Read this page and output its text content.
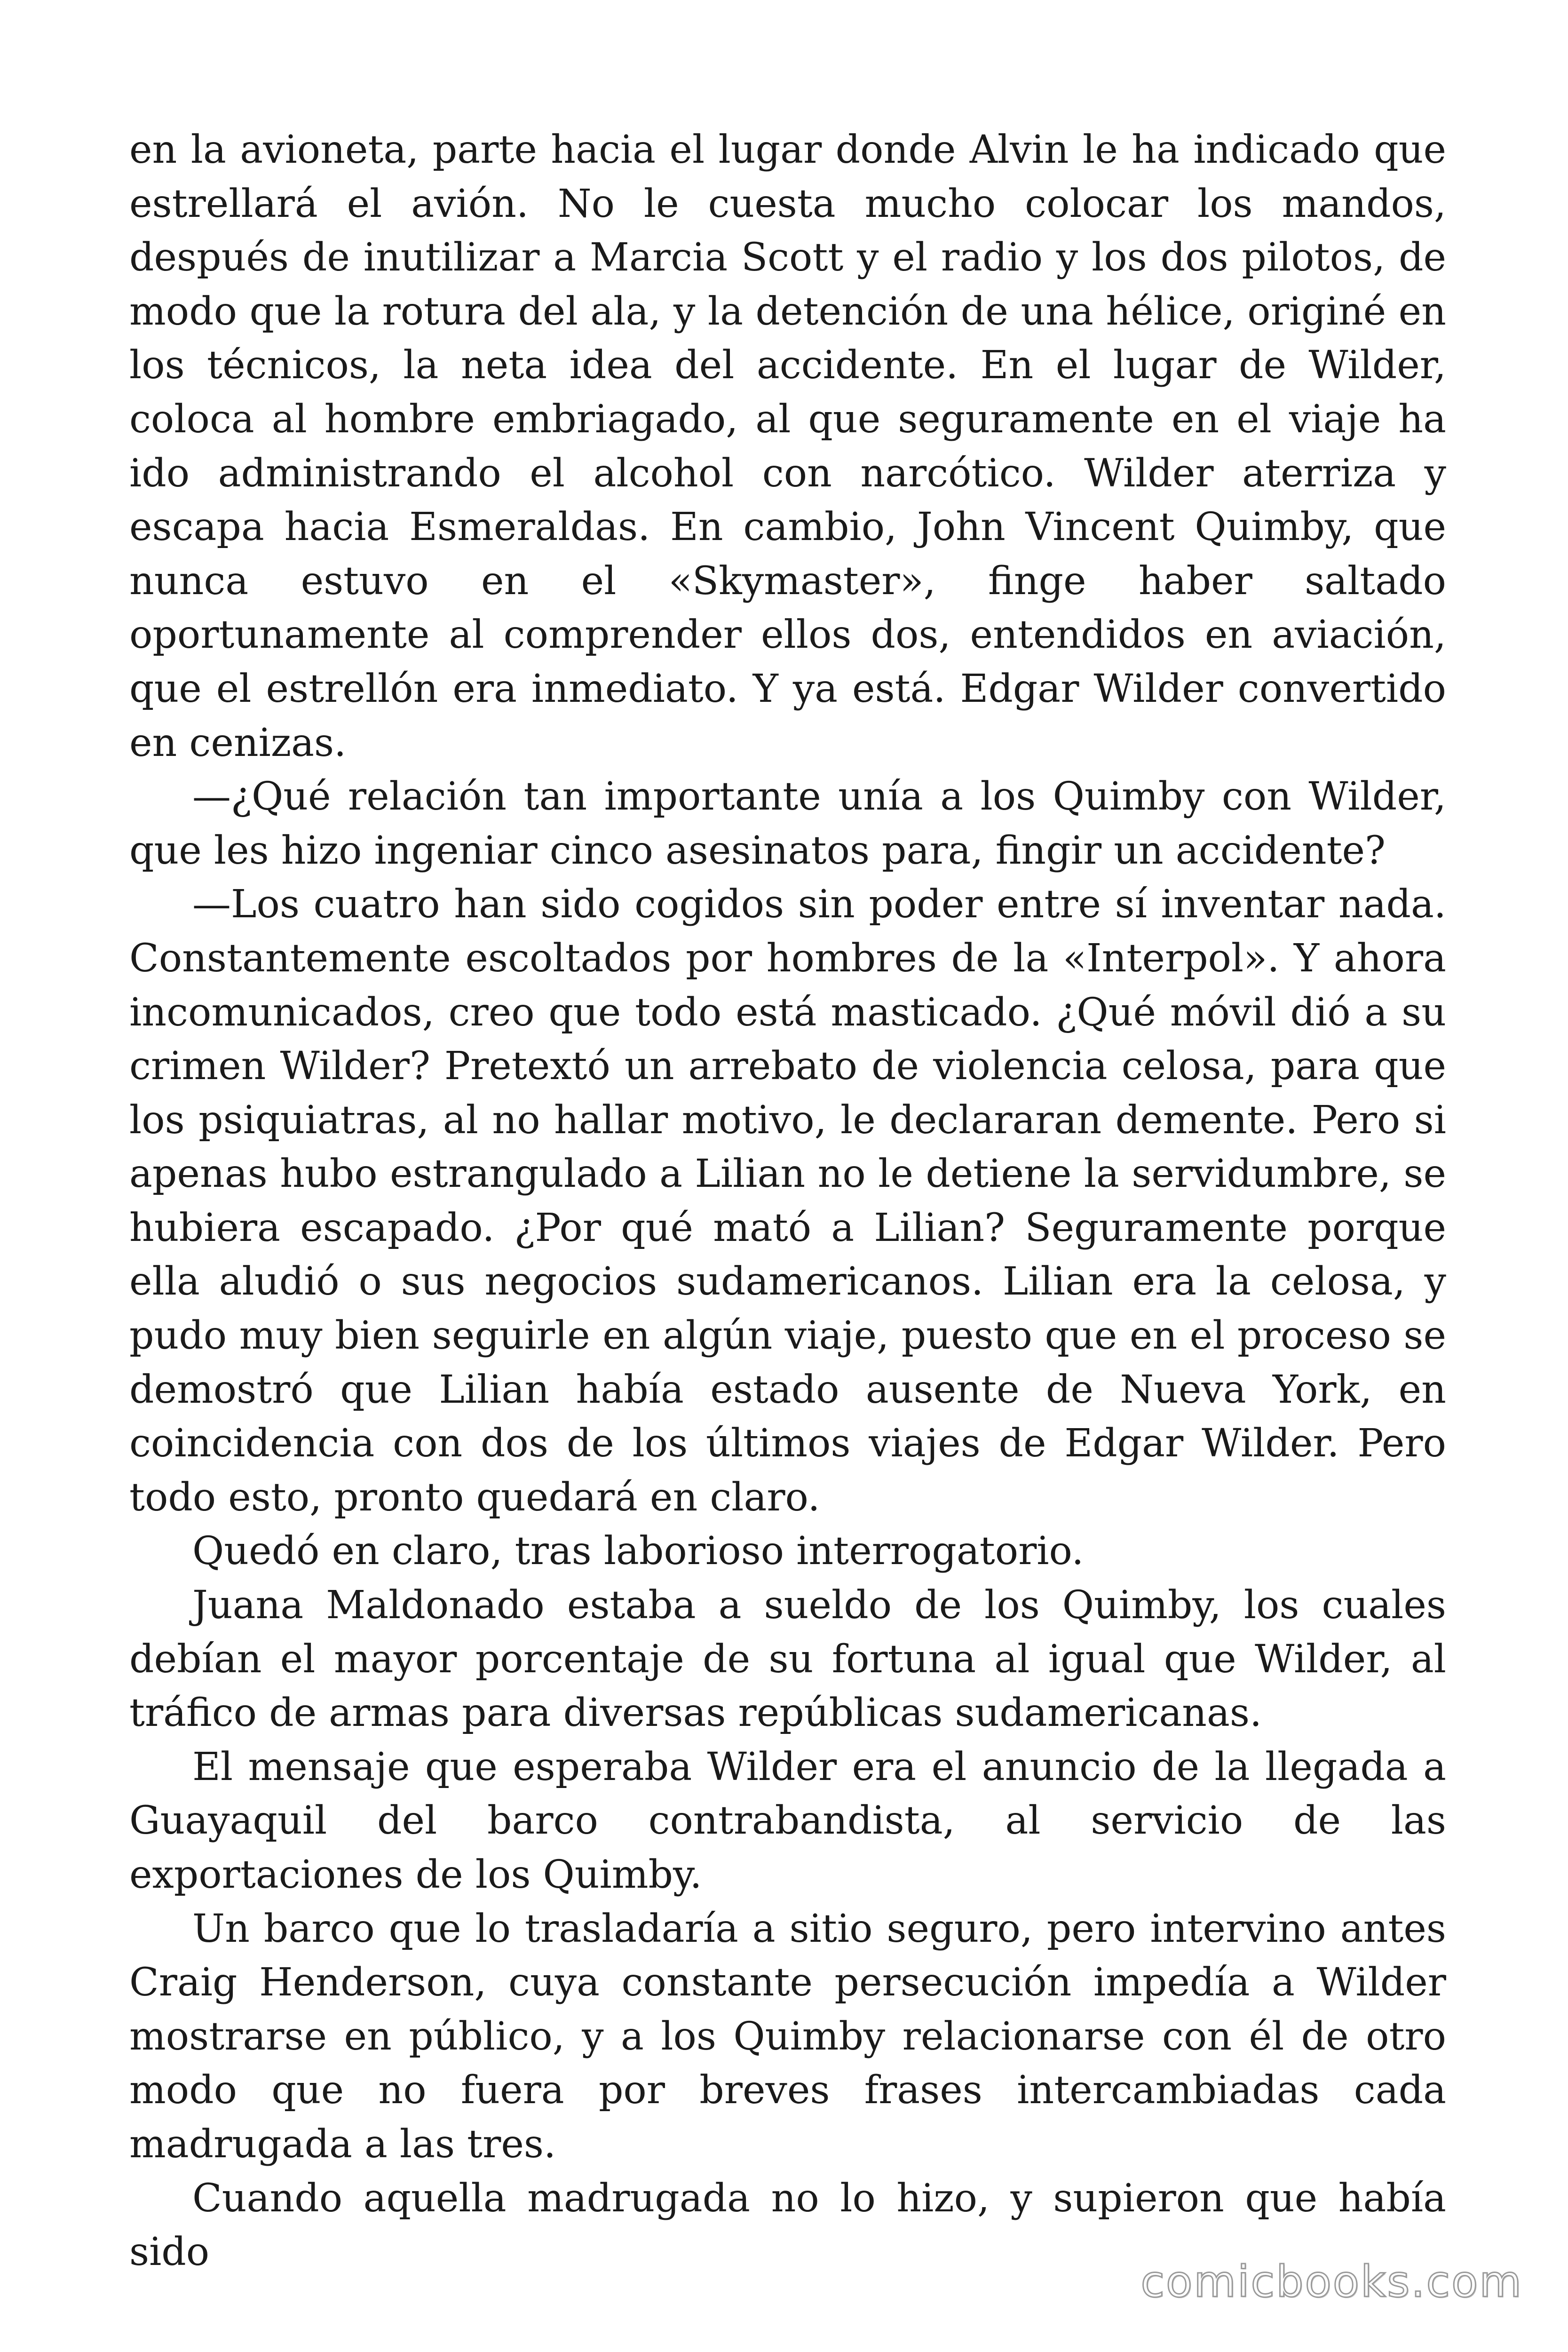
en la avioneta, parte hacia el lugar donde Alvin le ha indicado que estrellará el avión. No le cuesta mucho colocar los mandos, después de inutilizar a Marcia Scott y el radio y los dos pilotos, de modo que la rotura del ala, y la detención de una hélice, originé en los técnicos, la neta idea del accidente. En el lugar de Wilder, coloca al hombre embriagado, al que seguramente en el viaje ha ido administrando el alcohol con narcótico. Wilder aterriza y escapa hacia Esmeraldas. En cambio, John Vincent Quimby, que nunca estuvo en el «Skymaster», finge haber saltado oportunamente al comprender ellos dos, entendidos en aviación, que el estrellón era inmediato. Y ya está. Edgar Wilder convertido en cenizas.

—¿Qué relación tan importante unía a los Quimby con Wilder, que les hizo ingeniar cinco asesinatos para, fingir un accidente?

—Los cuatro han sido cogidos sin poder entre sí inventar nada. Constantemente escoltados por hombres de la «Interpol». Y ahora incomunicados, creo que todo está masticado. ¿Qué móvil dió a su crimen Wilder? Pretextó un arrebato de violencia celosa, para que los psiquiatras, al no hallar motivo, le declararan demente. Pero si apenas hubo estrangulado a Lilian no le detiene la servidumbre, se hubiera escapado. ¿Por qué mató a Lilian? Seguramente porque ella aludió o sus negocios sudamericanos. Lilian era la celosa, y pudo muy bien seguirle en algún viaje, puesto que en el proceso se demostró que Lilian había estado ausente de Nueva York, en coincidencia con dos de los últimos viajes de Edgar Wilder. Pero todo esto, pronto quedará en claro.

Quedó en claro, tras laborioso interrogatorio.

Juana Maldonado estaba a sueldo de los Quimby, los cuales debían el mayor porcentaje de su fortuna al igual que Wilder, al tráfico de armas para diversas repúblicas sudamericanas.

El mensaje que esperaba Wilder era el anuncio de la llegada a Guayaquil del barco contrabandista, al servicio de las exportaciones de los Quimby.

Un barco que lo trasladaría a sitio seguro, pero intervino antes Craig Henderson, cuya constante persecución impedía a Wilder mostrarse en público, y a los Quimby relacionarse con él de otro modo que no fuera por breves frases intercambiadas cada madrugada a las tres.

Cuando aquella madrugada no lo hizo, y supieron que había sido

comicbooks.com
